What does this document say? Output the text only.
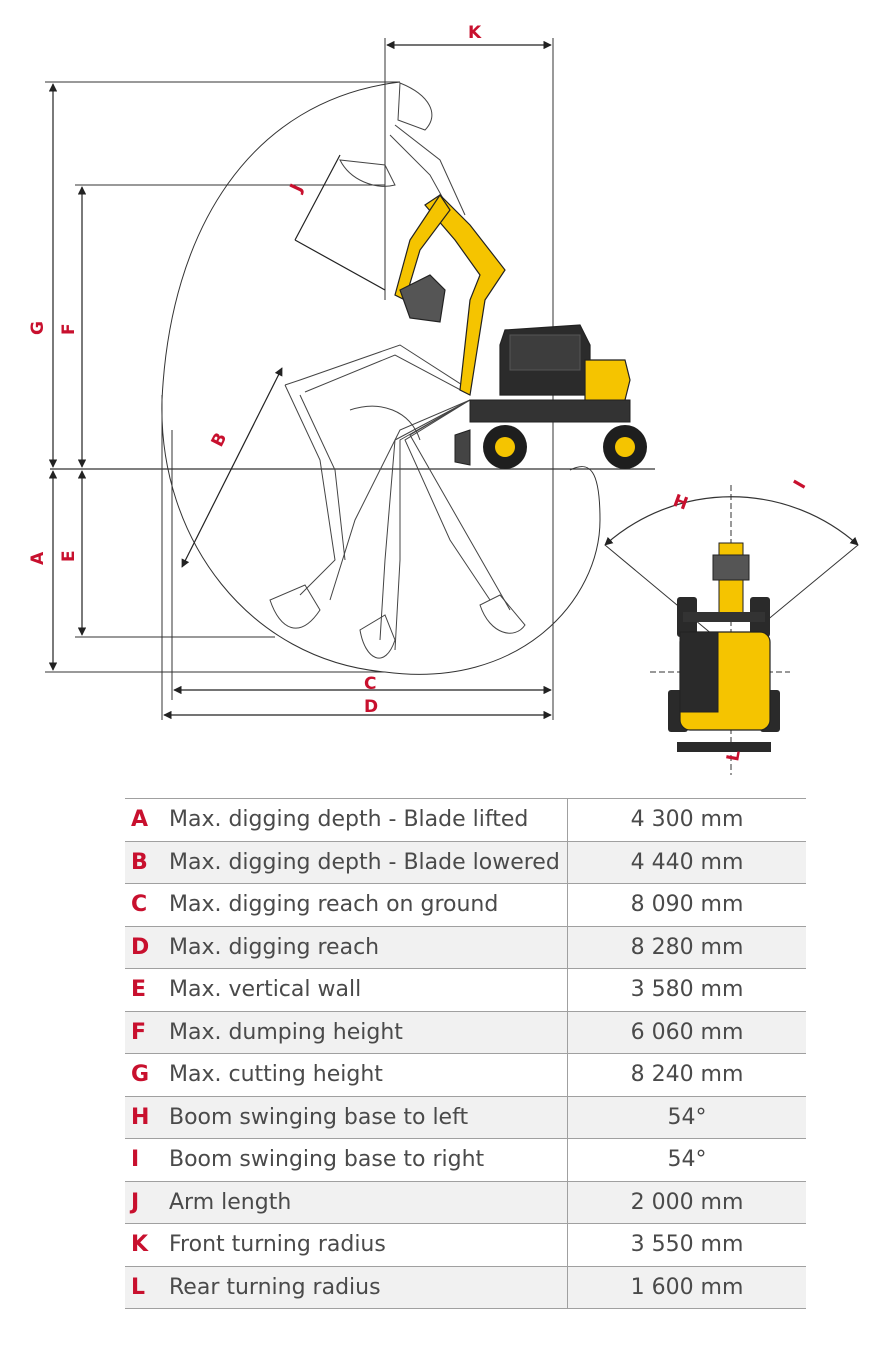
K
G F
A E
J
B
C
D
H
I
L
A	Max. digging depth - Blade lifted	4 300 mm
B	Max. digging depth - Blade lowered	4 440 mm
C	Max. digging reach on ground	8 090 mm
D	Max. digging reach	8 280 mm
E	Max. vertical wall	3 580 mm
F	Max. dumping height	6 060 mm
G	Max. cutting height	8 240 mm
H	Boom swinging base to left	54°
I	Boom swinging base to right	54°
J	Arm length	2 000 mm
K	Front turning radius	3 550 mm
L	Rear turning radius	1 600 mm
